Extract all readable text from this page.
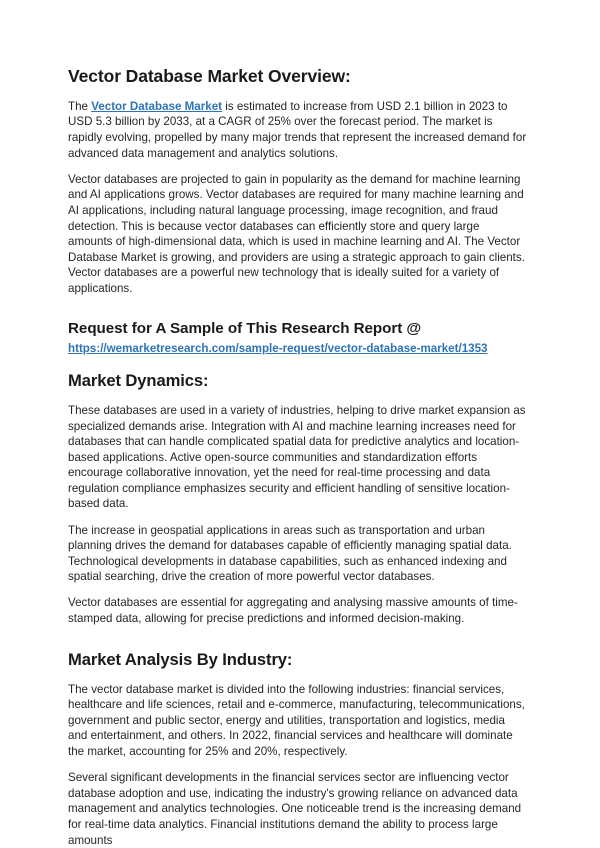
Vector Database Market Overview:

The Vector Database Market is estimated to increase from USD 2.1 billion in 2023 to USD 5.3 billion by 2033, at a CAGR of 25% over the forecast period. The market is rapidly evolving, propelled by many major trends that represent the increased demand for advanced data management and analytics solutions.

Vector databases are projected to gain in popularity as the demand for machine learning and AI applications grows. Vector databases are required for many machine learning and AI applications, including natural language processing, image recognition, and fraud detection. This is because vector databases can efficiently store and query large amounts of high-dimensional data, which is used in machine learning and AI. The Vector Database Market is growing, and providers are using a strategic approach to gain clients. Vector databases are a powerful new technology that is ideally suited for a variety of applications.

Request for A Sample of This Research Report @

https://wemarketresearch.com/sample-request/vector-database-market/1353

Market Dynamics:

These databases are used in a variety of industries, helping to drive market expansion as specialized demands arise. Integration with AI and machine learning increases need for databases that can handle complicated spatial data for predictive analytics and location-based applications. Active open-source communities and standardization efforts encourage collaborative innovation, yet the need for real-time processing and data regulation compliance emphasizes security and efficient handling of sensitive location-based data.

The increase in geospatial applications in areas such as transportation and urban planning drives the demand for databases capable of efficiently managing spatial data. Technological developments in database capabilities, such as enhanced indexing and spatial searching, drive the creation of more powerful vector databases.

Vector databases are essential for aggregating and analysing massive amounts of time-stamped data, allowing for precise predictions and informed decision-making.

Market Analysis By Industry:

The vector database market is divided into the following industries: financial services, healthcare and life sciences, retail and e-commerce, manufacturing, telecommunications, government and public sector, energy and utilities, transportation and logistics, media and entertainment, and others. In 2022, financial services and healthcare will dominate the market, accounting for 25% and 20%, respectively.

Several significant developments in the financial services sector are influencing vector database adoption and use, indicating the industry's growing reliance on advanced data management and analytics technologies. One noticeable trend is the increasing demand for real-time data analytics. Financial institutions demand the ability to process large amounts
